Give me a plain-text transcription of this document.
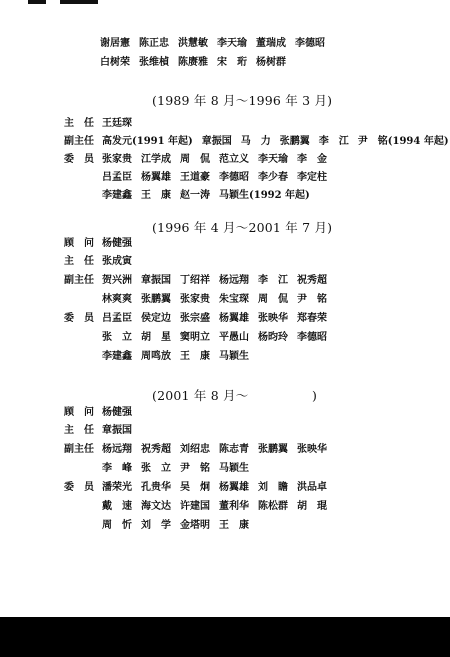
谢居憲 陈正忠 洪慧敏 李天瑜 董瑞成 李德昭
白树荣 张维楨 陈赓雅 宋　珩 杨树群
(1989 年 8 月～1996 年 3 月)
主　任 王廷琛
副主任 高发元(1991 年起) 章振国 马　力 张鹏翼 李　江 尹　铭(1994 年起)
委　员 张家贵 江学成 周　侃 范立义 李天瑜 李　金
吕孟臣 杨翼雄 王道豪 李德昭 李少春 李定柱
李建鑫 王　康 赵一涛 马颖生(1992 年起)
(1996 年 4 月～2001 年 7 月)
顾　问 杨健强
主　任 张成寅
副主任 贺兴洲 章振国 丁绍祥 杨远翔 李　江 祝秀超
林爽爽 张鹏翼 张家贵 朱宝琛 周　侃 尹　铭
委　员 吕孟臣 侯定边 张宗盛 杨翼雄 张映华 郑春荣
张　立 胡　星 窦明立 平愚山 杨昀玲 李德昭
李建鑫 周鸣放 王　康 马颖生
(2001 年 8 月～　　　　　)
顾　问 杨健强
主　任 章振国
副主任 杨远翔 祝秀超 刘绍忠 陈志青 张鹏翼 张映华
李　峰 张　立 尹　铭 马颖生
委　员 潘荣光 孔贵华 吴　炯 杨翼雄 刘　瞻 洪品卓
戴　速 海文达 许建国 董利华 陈松群 胡　琨
周　忻 刘　学 金塔明 王　康
